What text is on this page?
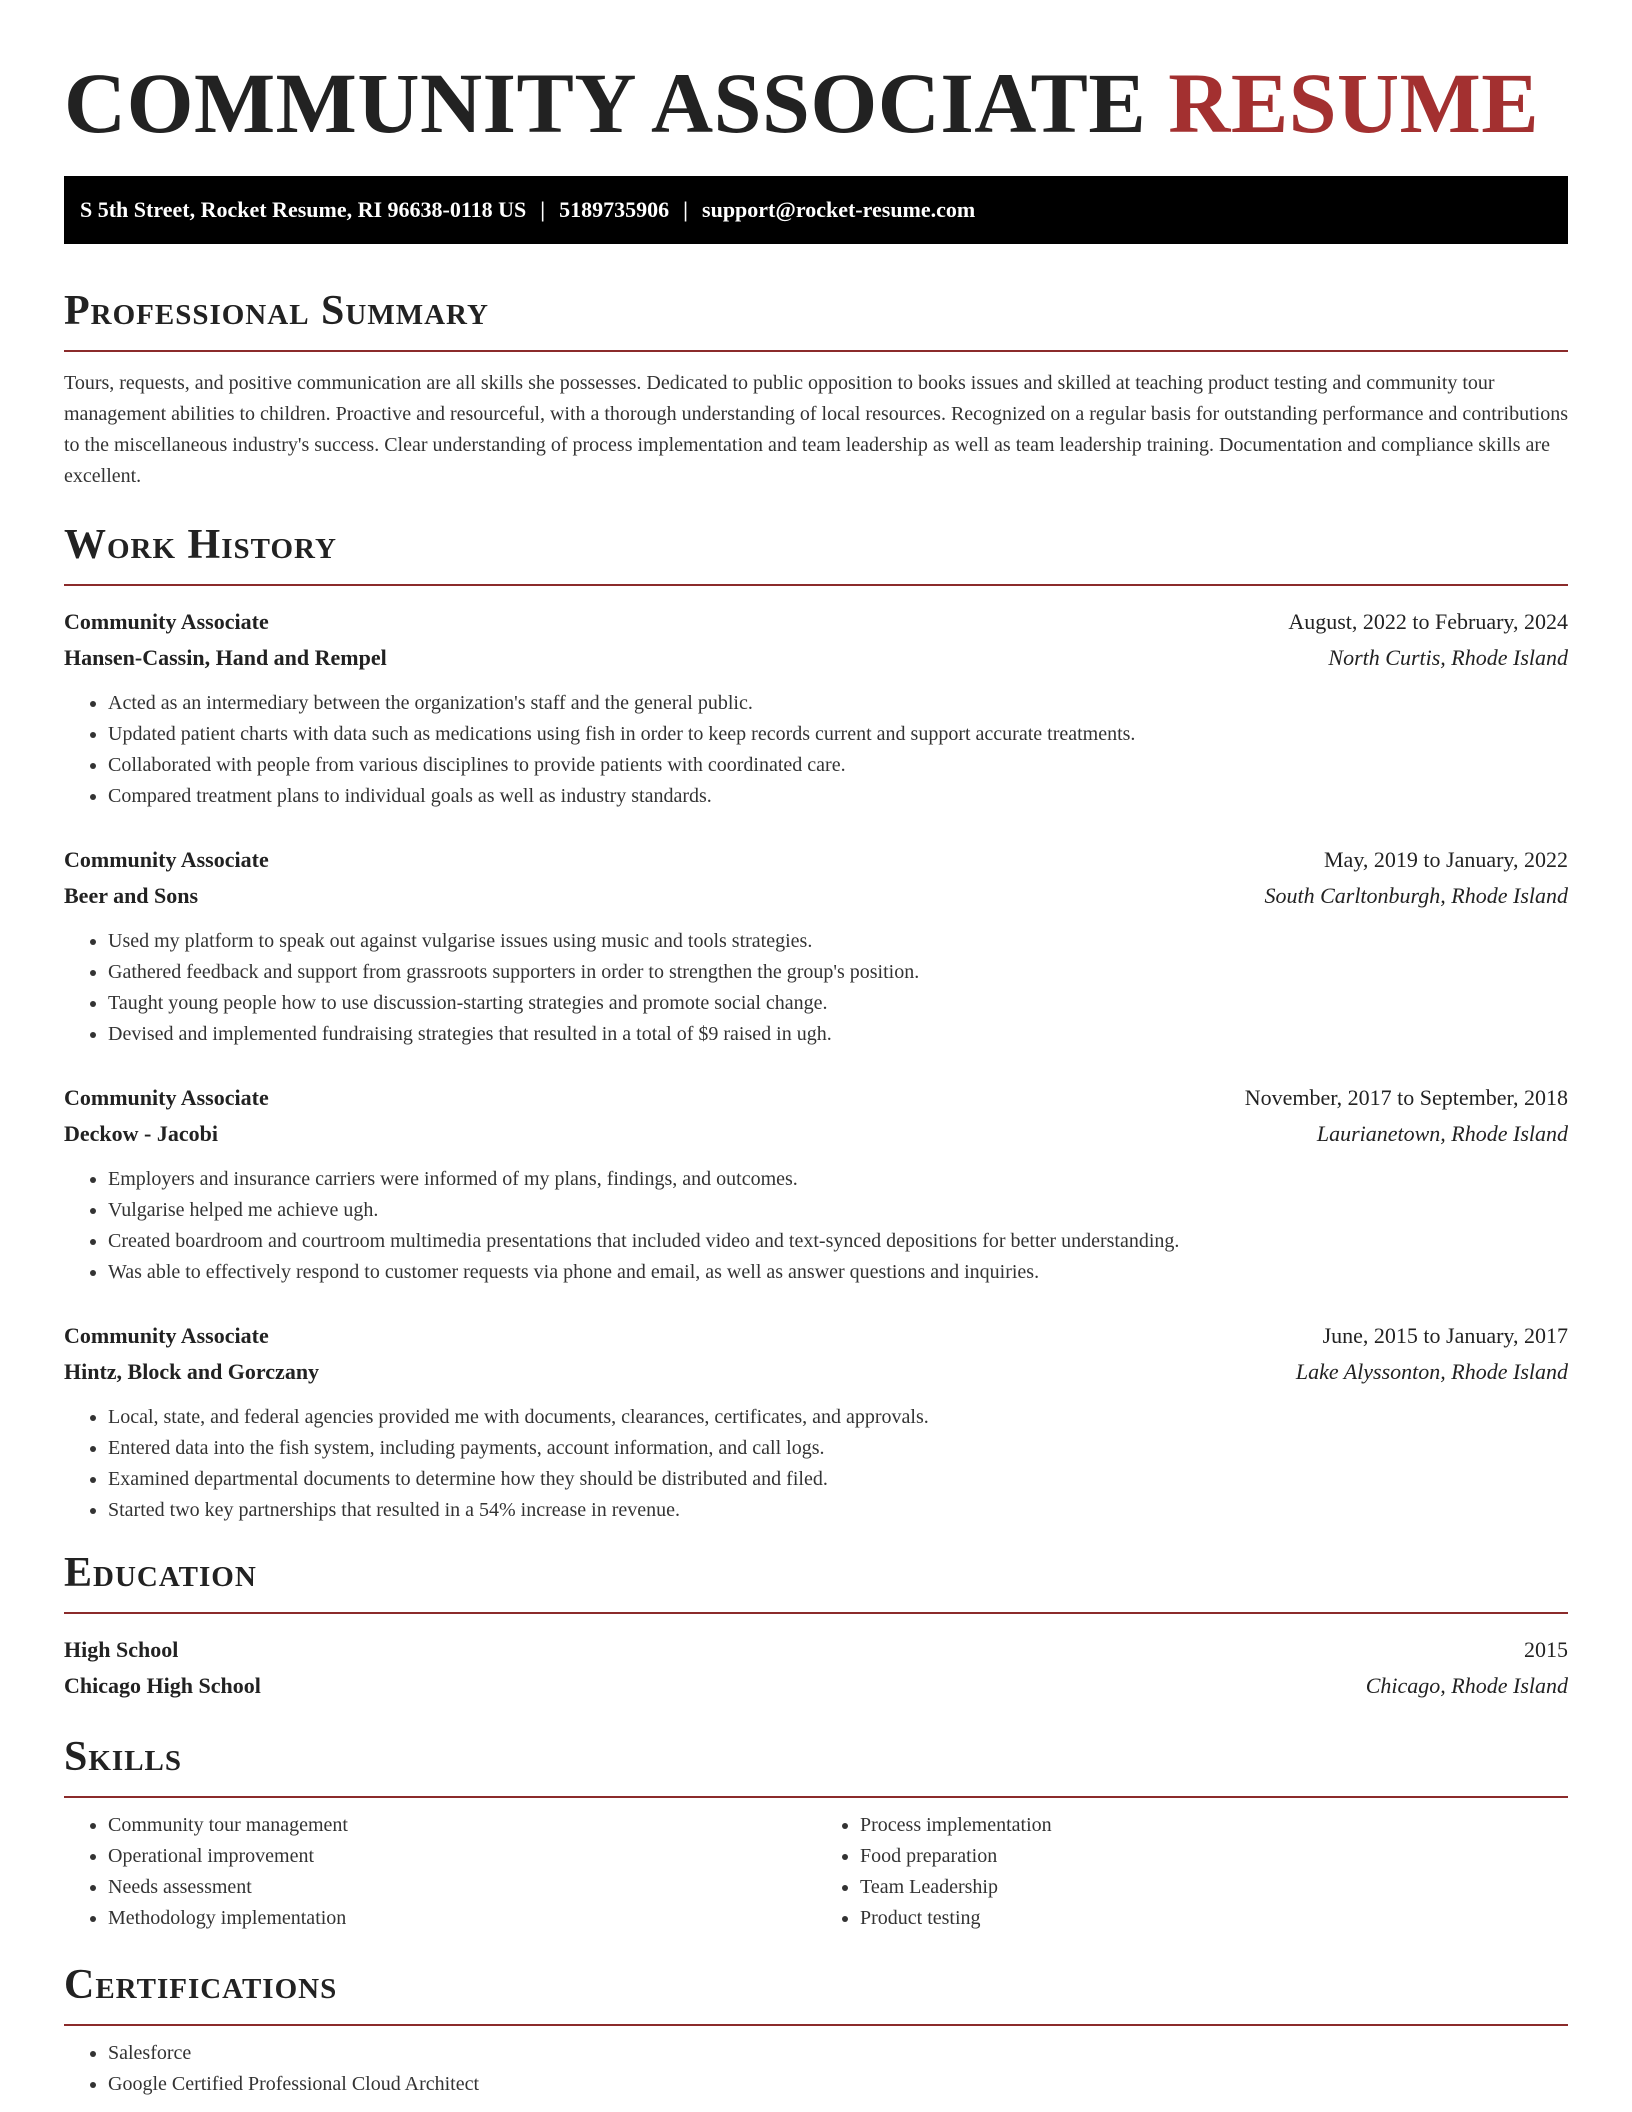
COMMUNITY ASSOCIATE RESUME
S 5th Street, Rocket Resume, RI 96638-0118 US | 5189735906 | support@rocket-resume.com
Professional Summary

Tours, requests, and positive communication are all skills she possesses. Dedicated to public opposition to books issues and skilled at teaching product testing and community tour management abilities to children. Proactive and resourceful, with a thorough understanding of local resources. Recognized on a regular basis for outstanding performance and contributions to the miscellaneous industry's success. Clear understanding of process implementation and team leadership as well as team leadership training. Documentation and compliance skills are excellent.

Work History
Community Associate	August, 2022 to February, 2024
Hansen-Cassin, Hand and Rempel	North Curtis, Rhode Island
• Acted as an intermediary between the organization's staff and the general public.
• Updated patient charts with data such as medications using fish in order to keep records current and support accurate treatments.
• Collaborated with people from various disciplines to provide patients with coordinated care.
• Compared treatment plans to individual goals as well as industry standards.
Community Associate	May, 2019 to January, 2022
Beer and Sons	South Carltonburgh, Rhode Island
• Used my platform to speak out against vulgarise issues using music and tools strategies.
• Gathered feedback and support from grassroots supporters in order to strengthen the group's position.
• Taught young people how to use discussion-starting strategies and promote social change.
• Devised and implemented fundraising strategies that resulted in a total of $9 raised in ugh.
Community Associate	November, 2017 to September, 2018
Deckow - Jacobi	Laurianetown, Rhode Island
• Employers and insurance carriers were informed of my plans, findings, and outcomes.
• Vulgarise helped me achieve ugh.
• Created boardroom and courtroom multimedia presentations that included video and text-synced depositions for better understanding.
• Was able to effectively respond to customer requests via phone and email, as well as answer questions and inquiries.
Community Associate	June, 2015 to January, 2017
Hintz, Block and Gorczany	Lake Alyssonton, Rhode Island
• Local, state, and federal agencies provided me with documents, clearances, certificates, and approvals.
• Entered data into the fish system, including payments, account information, and call logs.
• Examined departmental documents to determine how they should be distributed and filed.
• Started two key partnerships that resulted in a 54% increase in revenue.
Education
High School	2015
Chicago High School	Chicago, Rhode Island
Skills
• Community tour management
• Operational improvement
• Needs assessment
• Methodology implementation
• Process implementation
• Food preparation
• Team Leadership
• Product testing
Certifications
• Salesforce
• Google Certified Professional Cloud Architect
